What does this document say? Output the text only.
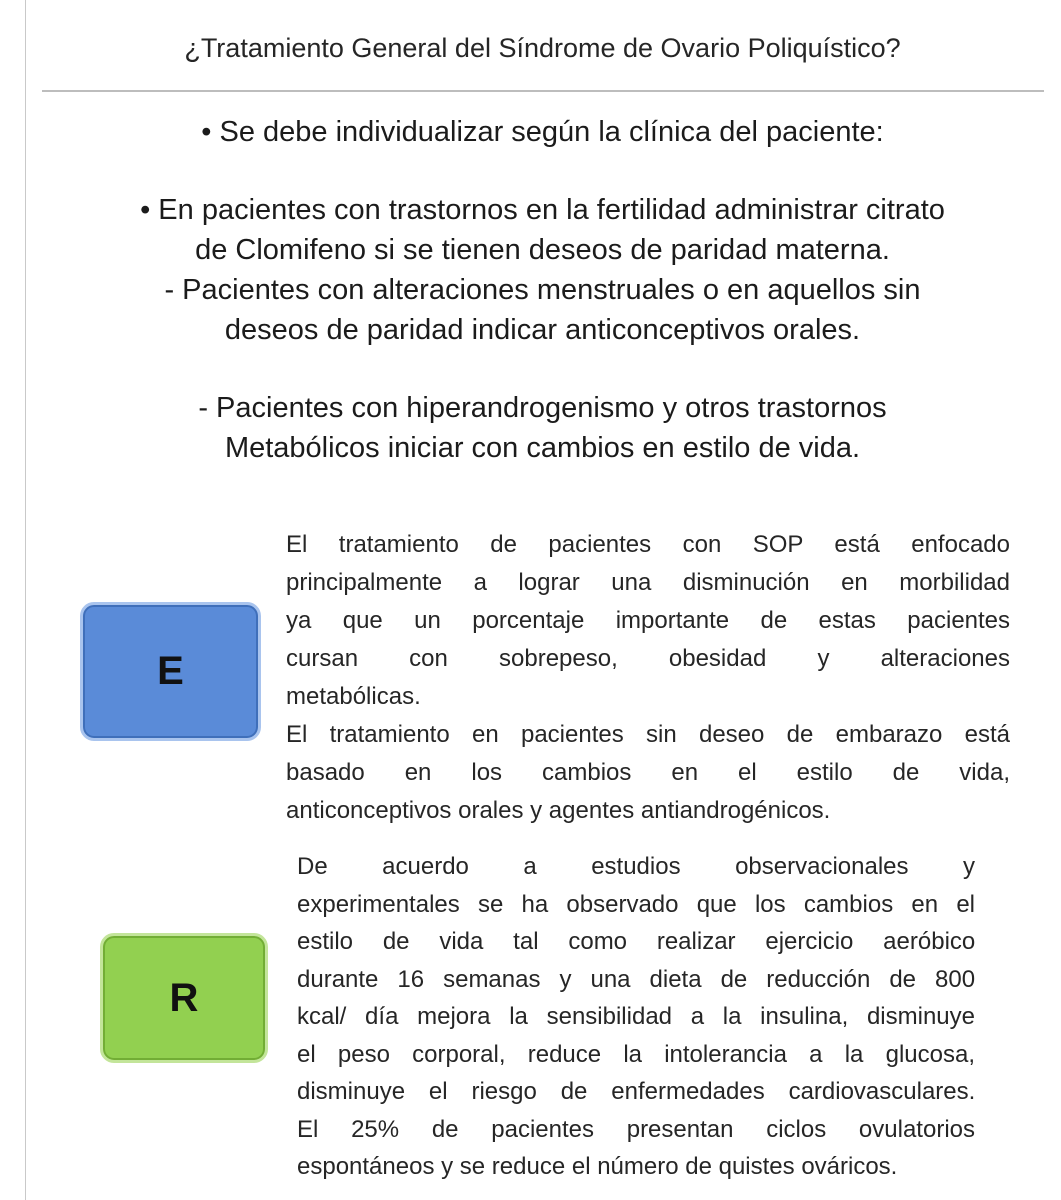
¿Tratamiento General del Síndrome de Ovario Poliquístico?

• Se debe individualizar según la clínica del paciente:

• En pacientes con trastornos en la fertilidad administrar citrato
de Clomifeno si se tienen deseos de paridad materna.

- Pacientes con alteraciones menstruales o en aquellos sin
deseos de paridad indicar anticonceptivos orales.

- Pacientes con hiperandrogenismo y otros trastornos
Metabólicos iniciar con cambios en estilo de vida.

E
El tratamiento de pacientes con SOP está enfocado
principalmente a lograr una disminución en morbilidad
ya que un porcentaje importante de estas pacientes
cursan con sobrepeso, obesidad y alteraciones
metabólicas.
El tratamiento en pacientes sin deseo de embarazo está
basado en los cambios en el estilo de vida,
anticonceptivos orales y agentes antiandrogénicos.
R
De acuerdo a estudios observacionales y
experimentales se ha observado que los cambios en el
estilo de vida tal como realizar ejercicio aeróbico
durante 16 semanas y una dieta de reducción de 800
kcal/ día mejora la sensibilidad a la insulina, disminuye
el peso corporal, reduce la intolerancia a la glucosa,
disminuye el riesgo de enfermedades cardiovasculares.
El 25% de pacientes presentan ciclos ovulatorios
espontáneos y se reduce el número de quistes ováricos.
